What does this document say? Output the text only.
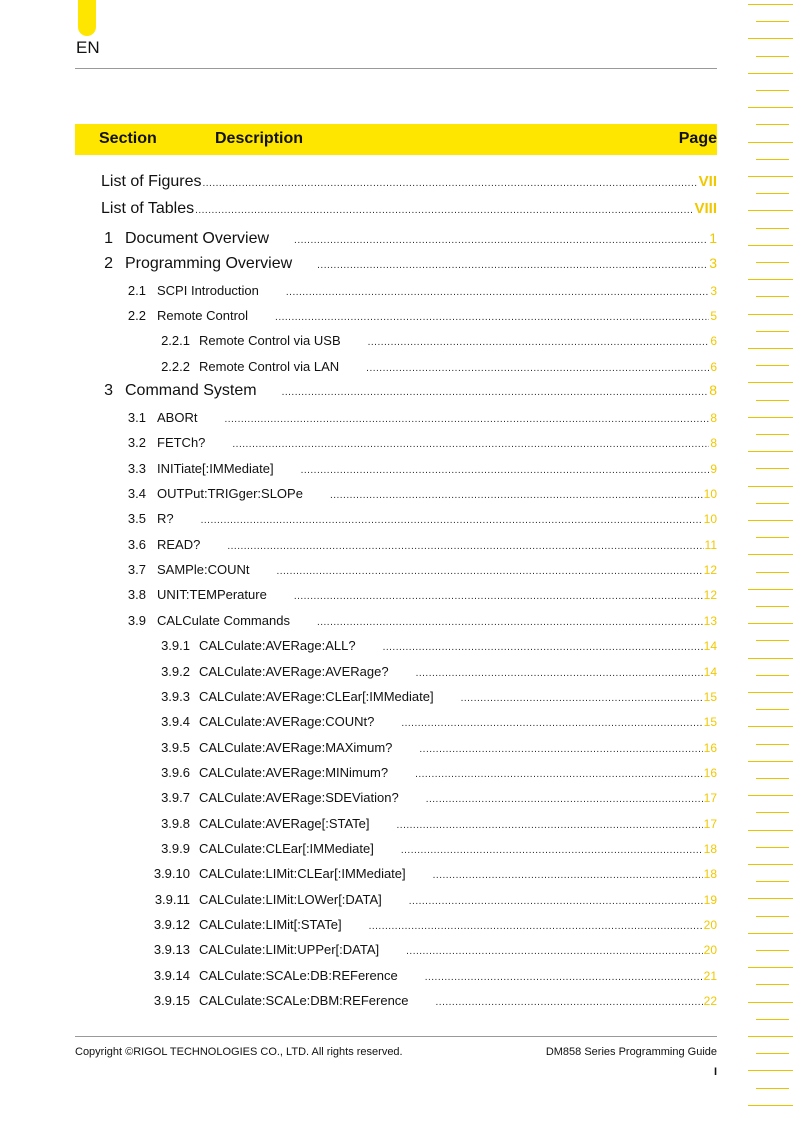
EN
Section	Description	Page
List of Figures .....	VII
List of Tables .....	VIII
1 Document Overview .....	1
2 Programming Overview .....	3
2.1 SCPI Introduction .....	3
2.2 Remote Control .....	5
2.2.1 Remote Control via USB .....	6
2.2.2 Remote Control via LAN .....	6
3 Command System .....	8
3.1 ABORt .....	8
3.2 FETCh? .....	8
3.3 INITiate[:IMMediate] .....	9
3.4 OUTPut:TRIGger:SLOPe .....	10
3.5 R? .....	10
3.6 READ? .....	11
3.7 SAMPle:COUNt .....	12
3.8 UNIT:TEMPerature .....	12
3.9 CALCulate Commands .....	13
3.9.1 CALCulate:AVERage:ALL? .....	14
3.9.2 CALCulate:AVERage:AVERage? .....	14
3.9.3 CALCulate:AVERage:CLEar[:IMMediate] .....	15
3.9.4 CALCulate:AVERage:COUNt? .....	15
3.9.5 CALCulate:AVERage:MAXimum? .....	16
3.9.6 CALCulate:AVERage:MINimum? .....	16
3.9.7 CALCulate:AVERage:SDEViation? .....	17
3.9.8 CALCulate:AVERage[:STATe] .....	17
3.9.9 CALCulate:CLEar[:IMMediate] .....	18
3.9.10 CALCulate:LIMit:CLEar[:IMMediate] .....	18
3.9.11 CALCulate:LIMit:LOWer[:DATA] .....	19
3.9.12 CALCulate:LIMit[:STATe] .....	20
3.9.13 CALCulate:LIMit:UPPer[:DATA] .....	20
3.9.14 CALCulate:SCALe:DB:REFerence .....	21
3.9.15 CALCulate:SCALe:DBM:REFerence .....	22
Copyright ©RIGOL TECHNOLOGIES CO., LTD. All rights reserved.	DM858 Series Programming Guide
I
